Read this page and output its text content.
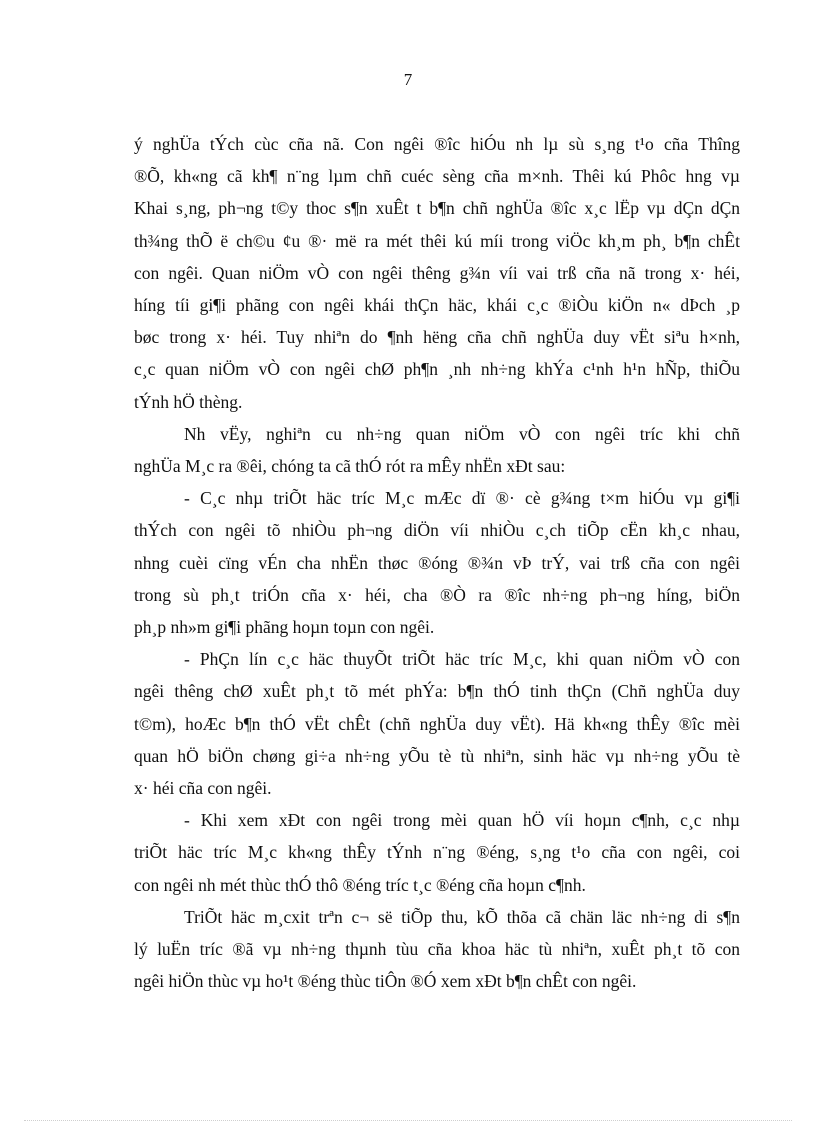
7

ý nghÜa tÝch cùc cña nã. Con ngêi ®îc hiÓu nh lµ sù s¸ng t¹o cña Thîng
®Õ, kh«ng cã kh¶ n¨ng lµm chñ cuéc sèng cña m×nh. Thêi kú Phôc hng vµ
Khai s¸ng, ph¬ng t©y thoc s¶n xuÊt t b¶n chñ nghÜa ®îc x¸c lËp vµ dÇn dÇn
th¾ng thÕ ë ch©u ¢u ®· më ra mét thêi kú míi trong viÖc kh¸m ph¸ b¶n chÊt
con ngêi. Quan niÖm vÒ con ngêi thêng g¾n víi vai trß cña nã trong x· héi,
híng tíi gi¶i phãng con ngêi khái thÇn häc, khái c¸c ®iÒu kiÖn n« dÞch ¸p
bøc trong x· héi. Tuy nhiªn do ¶nh hëng cña chñ nghÜa duy vËt siªu h×nh,
c¸c quan niÖm vÒ con ngêi chØ ph¶n ¸nh nh÷ng khÝa c¹nh h¹n hÑp, thiÕu
tÝnh hÖ thèng.

Nh vËy, nghiªn cu nh÷ng quan niÖm vÒ con ngêi tríc khi chñ
nghÜa M¸c ra ®êi, chóng ta cã thÓ rót ra mÊy nhËn xÐt sau:

- C¸c nhµ triÕt häc tríc M¸c mÆc dï ®· cè g¾ng t×m hiÓu vµ gi¶i
thÝch con ngêi tõ nhiÒu ph¬ng diÖn víi nhiÒu c¸ch tiÕp cËn kh¸c nhau,
nhng cuèi cïng vÉn cha nhËn thøc ®óng ®¾n vÞ trÝ, vai trß cña con ngêi
trong sù ph¸t triÓn cña x· héi, cha ®Ò ra ®îc nh÷ng ph¬ng híng, biÖn
ph¸p nh»m gi¶i phãng hoµn toµn con ngêi.

- PhÇn lín c¸c häc thuyÕt triÕt häc tríc M¸c, khi quan niÖm vÒ con
ngêi thêng chØ xuÊt ph¸t tõ mét phÝa: b¶n thÓ tinh thÇn (Chñ nghÜa duy
t©m), hoÆc b¶n thÓ vËt chÊt (chñ nghÜa duy vËt). Hä kh«ng thÊy ®îc mèi
quan hÖ biÖn chøng gi÷a nh÷ng yÕu tè tù nhiªn, sinh häc vµ nh÷ng yÕu tè
x· héi cña con ngêi.

- Khi xem xÐt con ngêi trong mèi quan hÖ víi hoµn c¶nh, c¸c nhµ
triÕt häc tríc M¸c kh«ng thÊy tÝnh n¨ng ®éng, s¸ng t¹o cña con ngêi, coi
con ngêi nh mét thùc thÓ thô ®éng tríc t¸c ®éng cña hoµn c¶nh.

TriÕt häc m¸cxit trªn c¬ së tiÕp thu, kÕ thõa cã chän läc nh÷ng di s¶n
lý luËn tríc ®ã vµ nh÷ng thµnh tùu cña khoa häc tù nhiªn, xuÊt ph¸t tõ con
ngêi hiÖn thùc vµ ho¹t ®éng thùc tiÔn ®Ó xem xÐt b¶n chÊt con ngêi.
